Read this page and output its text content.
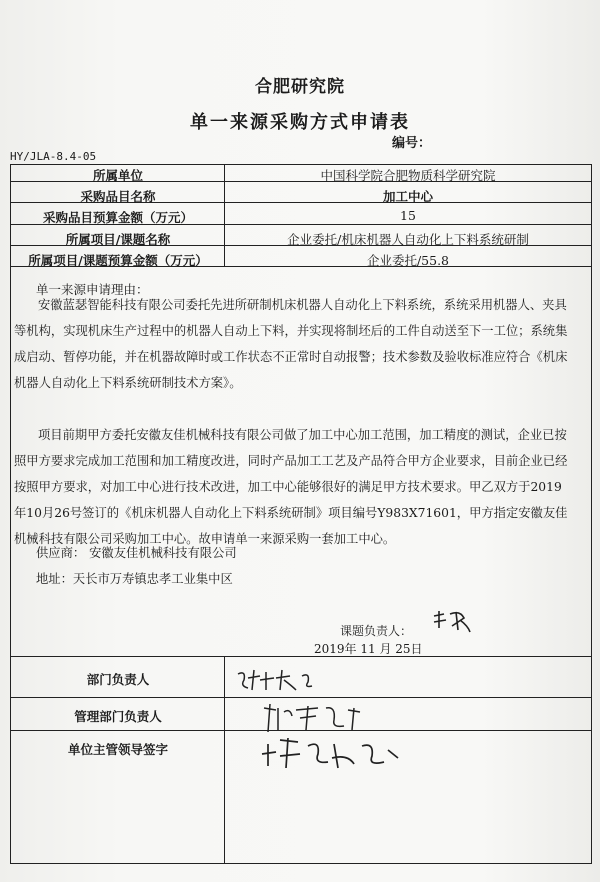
合肥研究院
单一来源采购方式申请表
编号：
HY/JLA-8.4-05
所属单位	中国科学院合肥物质科学研究院
采购品目名称	加工中心
采购品目预算金额（万元）	15
所属项目/课题名称	企业委托/机床机器人自动化上下料系统研制
所属项目/课题预算金额（万元）	企业委托/55.8
单一来源申请理由：
安徽蓝瑟智能科技有限公司委托先进所研制机床机器人自动化上下料系统，系统采用机器人、夹具等机构，实现机床生产过程中的机器人自动上下料，并实现将制坯后的工件自动送至下一工位；系统集成启动、暂停功能，并在机器故障时或工作状态不正常时自动报警；技术参数及验收标准应符合《机床机器人自动化上下料系统研制技术方案》。
项目前期甲方委托安徽友佳机械科技有限公司做了加工中心加工范围，加工精度的测试，企业已按照甲方要求完成加工范围和加工精度改进，同时产品加工工艺及产品符合甲方企业要求，目前企业已经按照甲方要求，对加工中心进行技术改进，加工中心能够很好的满足甲方技术要求。甲乙双方于2019年10月26号签订的《机床机器人自动化上下料系统研制》项目编号Y983X71601，甲方指定安徽友佳机械科技有限公司采购加工中心。故申请单一来源采购一套加工中心。
供应商： 安徽友佳机械科技有限公司
地址：天长市万寿镇忠孝工业集中区
课题负责人：
2019年 11 月 25日
部门负责人
管理部门负责人
单位主管领导签字
